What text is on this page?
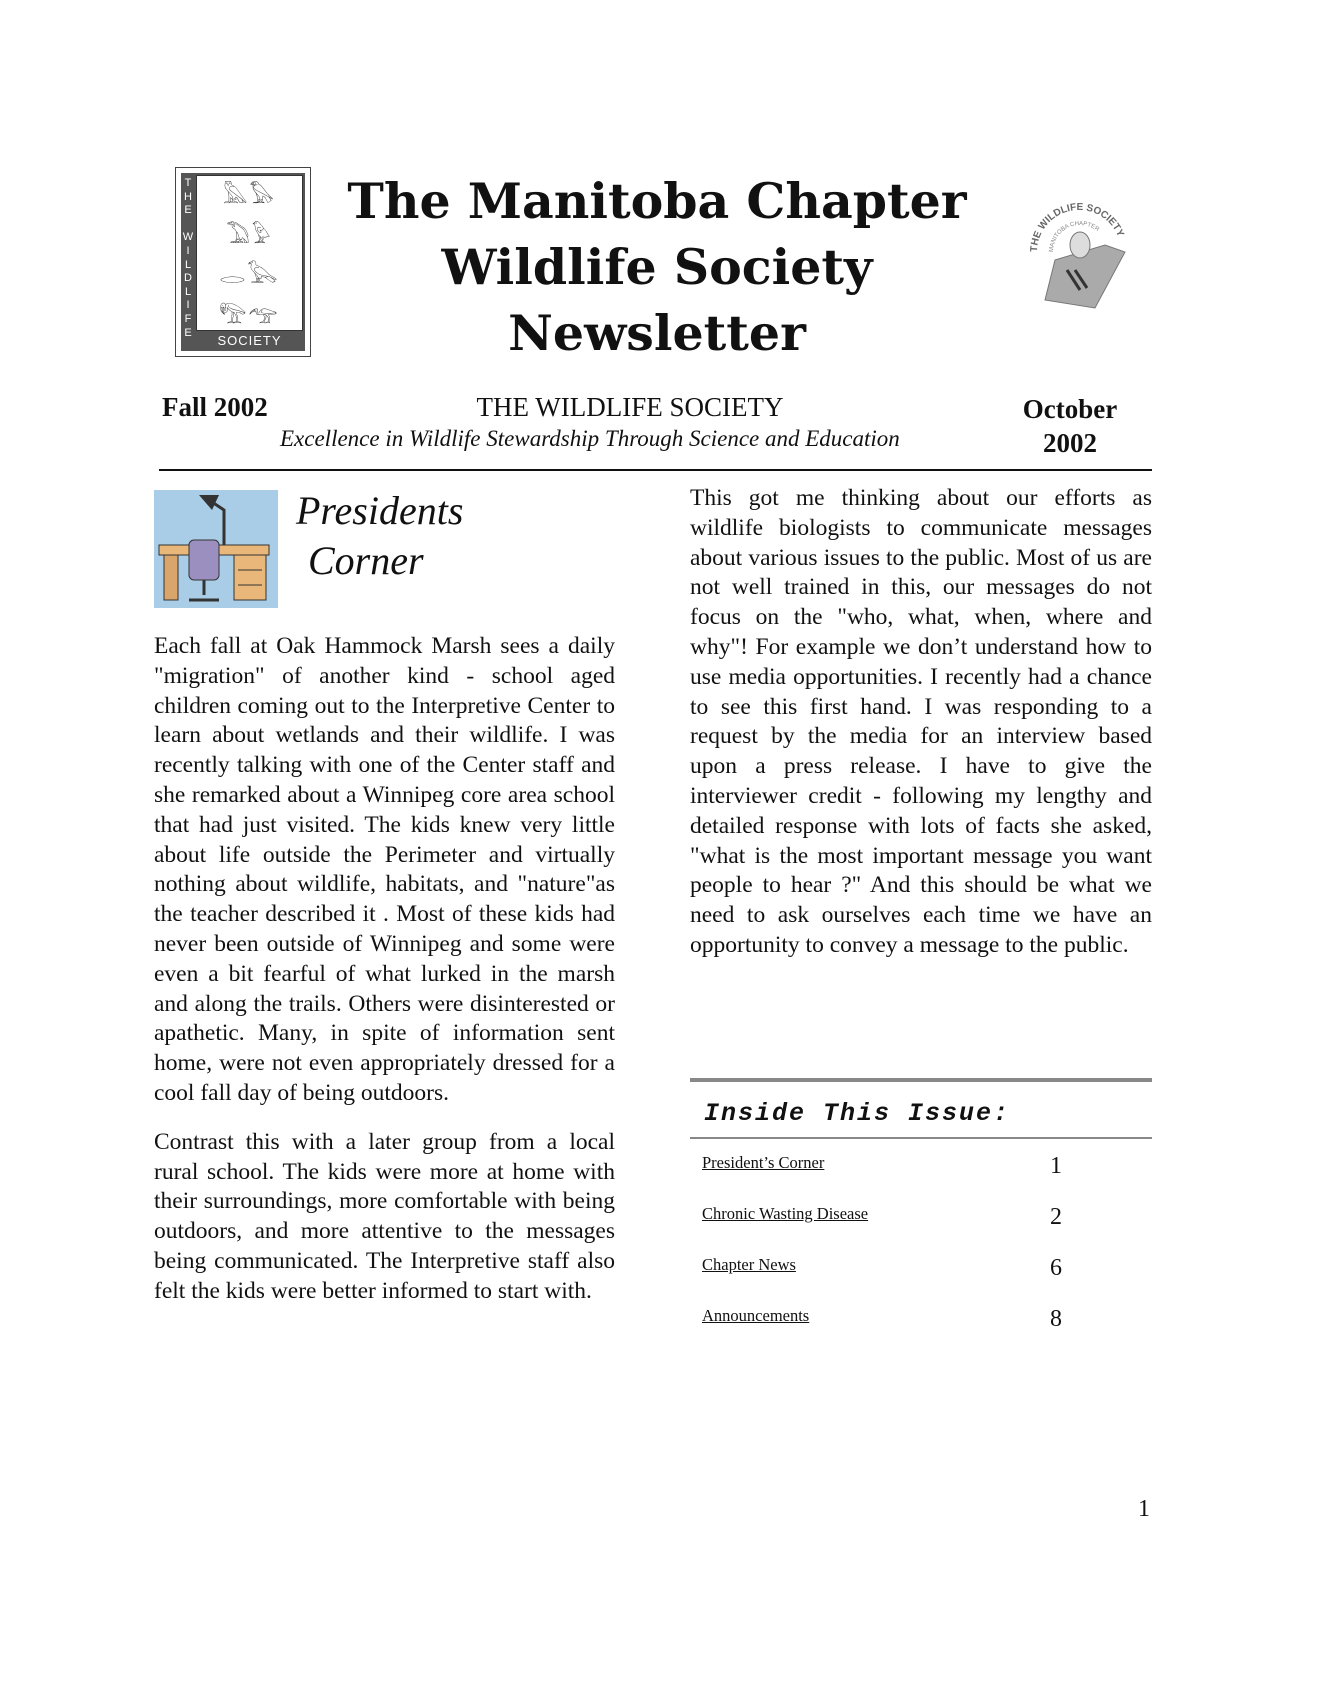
T
H
E

W
I
L
D
L
I
F
E

𓅓𓅃
𓅐𓅱
𓂋𓅂
𓅟𓅠
SOCIETY
The Manitoba Chapter
Wildlife Society
Newsletter
THE WILDLIFE SOCIETY
MANITOBA CHAPTER
Fall 2002	THE WILDLIFE SOCIETY
Excellence in Wildlife Stewardship Through Science and Education
October
2002
Presidents
Corner

Each fall at Oak Hammock Marsh sees a daily "migration" of another kind - school aged children coming out to the Interpretive Center to learn about wetlands and their wildlife. I was recently talking with one of the Center staff and she remarked about a Winnipeg core area school that had just visited. The kids knew very little about life outside the Perimeter and virtually nothing about wildlife, habitats, and "nature"as the teacher described it . Most of these kids had never been outside of Winnipeg and some were even a bit fearful of what lurked in the marsh and along the trails. Others were disinterested or apathetic. Many, in spite of information sent home, were not even appropriately dressed for a cool fall day of being outdoors.

Contrast this with a later group from a local rural school. The kids were more at home with their surroundings, more comfortable with being outdoors, and more attentive to the messages being communicated. The Interpretive staff also felt the kids were better informed to start with.

This got me thinking about our efforts as wildlife biologists to communicate messages about various issues to the public. Most of us are not well trained in this, our messages do not focus on the "who, what, when, where and why"! For example we don’t understand how to use media opportunities. I recently had a chance to see this first hand. I was responding to a request by the media for an interview based upon a press release. I have to give the interviewer credit - following my lengthy and detailed response with lots of facts she asked, "what is the most important message you want people to hear ?" And this should be what we need to ask ourselves each time we have an opportunity to convey a message to the public.

Inside This Issue:
President’s Corner	1
Chronic Wasting Disease	2
Chapter News	6
Announcements	8
1
